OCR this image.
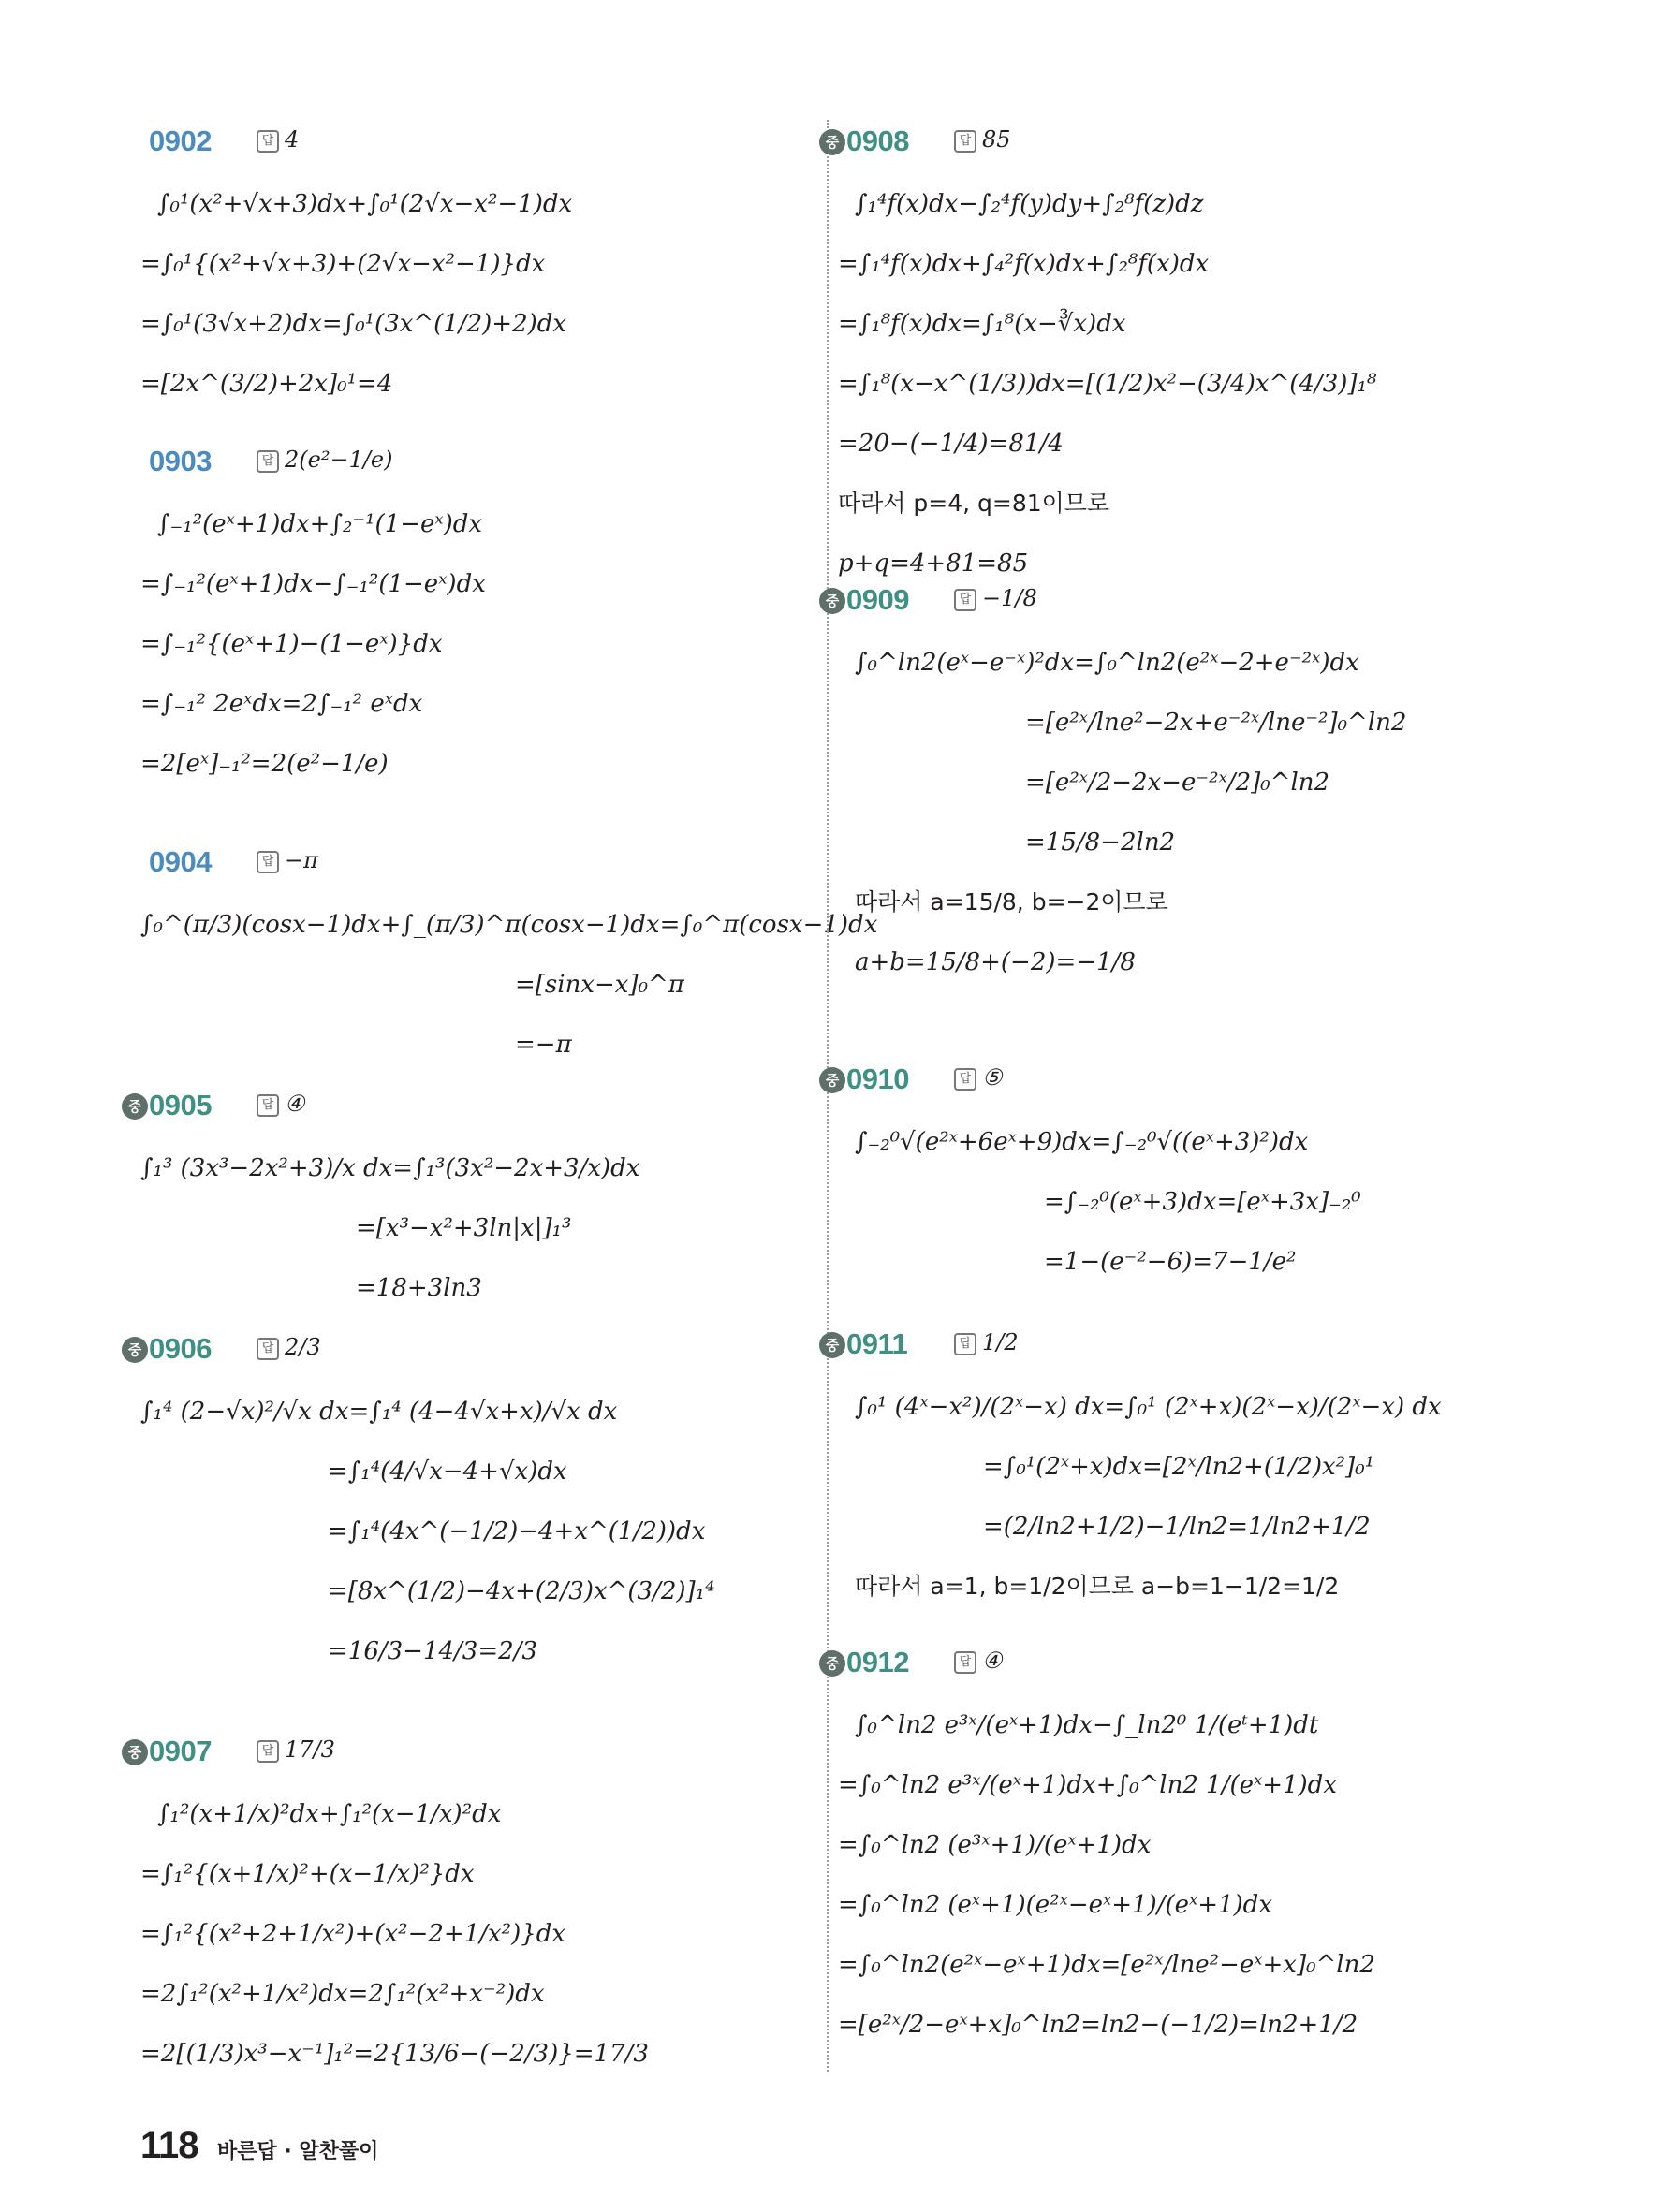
0902	답 4
∫₀¹(x²+√x+3)dx+∫₀¹(2√x−x²−1)dx
=∫₀¹{(x²+√x+3)+(2√x−x²−1)}dx
=∫₀¹(3√x+2)dx=∫₀¹(3x^(1/2)+2)dx
=[2x^(3/2)+2x]₀¹=4
0903	답 2(e²−1/e)
∫₋₁²(eˣ+1)dx+∫₂⁻¹(1−eˣ)dx
=∫₋₁²(eˣ+1)dx−∫₋₁²(1−eˣ)dx
=∫₋₁²{(eˣ+1)−(1−eˣ)}dx
=∫₋₁² 2eˣdx=2∫₋₁² eˣdx
=2[eˣ]₋₁²=2(e²−1/e)
0904	답 −π
∫₀^(π/3)(cosx−1)dx+∫_(π/3)^π(cosx−1)dx=∫₀^π(cosx−1)dx
=[sinx−x]₀^π
=−π
중 0905	답 ④
∫₁³ (3x³−2x²+3)/x dx=∫₁³(3x²−2x+3/x)dx
=[x³−x²+3ln|x|]₁³
=18+3ln3
중 0906	답 2/3
∫₁⁴ (2−√x)²/√x dx=∫₁⁴ (4−4√x+x)/√x dx
=∫₁⁴(4/√x−4+√x)dx
=∫₁⁴(4x^(−1/2)−4+x^(1/2))dx
=[8x^(1/2)−4x+(2/3)x^(3/2)]₁⁴
=16/3−14/3=2/3
중 0907	답 17/3
∫₁²(x+1/x)²dx+∫₁²(x−1/x)²dx
=∫₁²{(x+1/x)²+(x−1/x)²}dx
=∫₁²{(x²+2+1/x²)+(x²−2+1/x²)}dx
=2∫₁²(x²+1/x²)dx=2∫₁²(x²+x⁻²)dx
=2[(1/3)x³−x⁻¹]₁²=2{13/6−(−2/3)}=17/3
중 0908	답 85
∫₁⁴f(x)dx−∫₂⁴f(y)dy+∫₂⁸f(z)dz
=∫₁⁴f(x)dx+∫₄²f(x)dx+∫₂⁸f(x)dx
=∫₁⁸f(x)dx=∫₁⁸(x−∛x)dx
=∫₁⁸(x−x^(1/3))dx=[(1/2)x²−(3/4)x^(4/3)]₁⁸
=20−(−1/4)=81/4
따라서 p=4, q=81이므로
p+q=4+81=85
중 0909	답 −1/8
∫₀^ln2(eˣ−e⁻ˣ)²dx=∫₀^ln2(e²ˣ−2+e⁻²ˣ)dx
=[e²ˣ/lne²−2x+e⁻²ˣ/lne⁻²]₀^ln2
=[e²ˣ/2−2x−e⁻²ˣ/2]₀^ln2
=15/8−2ln2
따라서 a=15/8, b=−2이므로
a+b=15/8+(−2)=−1/8
중 0910	답 ⑤
∫₋₂⁰√(e²ˣ+6eˣ+9)dx=∫₋₂⁰√((eˣ+3)²)dx
=∫₋₂⁰(eˣ+3)dx=[eˣ+3x]₋₂⁰
=1−(e⁻²−6)=7−1/e²
중 0911	답 1/2
∫₀¹ (4ˣ−x²)/(2ˣ−x) dx=∫₀¹ (2ˣ+x)(2ˣ−x)/(2ˣ−x) dx
=∫₀¹(2ˣ+x)dx=[2ˣ/ln2+(1/2)x²]₀¹
=(2/ln2+1/2)−1/ln2=1/ln2+1/2
따라서 a=1, b=1/2이므로 a−b=1−1/2=1/2
중 0912	답 ④
∫₀^ln2 e³ˣ/(eˣ+1)dx−∫_ln2⁰ 1/(eᵗ+1)dt
=∫₀^ln2 e³ˣ/(eˣ+1)dx+∫₀^ln2 1/(eˣ+1)dx
=∫₀^ln2 (e³ˣ+1)/(eˣ+1)dx
=∫₀^ln2 (eˣ+1)(e²ˣ−eˣ+1)/(eˣ+1)dx
=∫₀^ln2(e²ˣ−eˣ+1)dx=[e²ˣ/lne²−eˣ+x]₀^ln2
=[e²ˣ/2−eˣ+x]₀^ln2=ln2−(−1/2)=ln2+1/2
118 바른답 · 알찬풀이
